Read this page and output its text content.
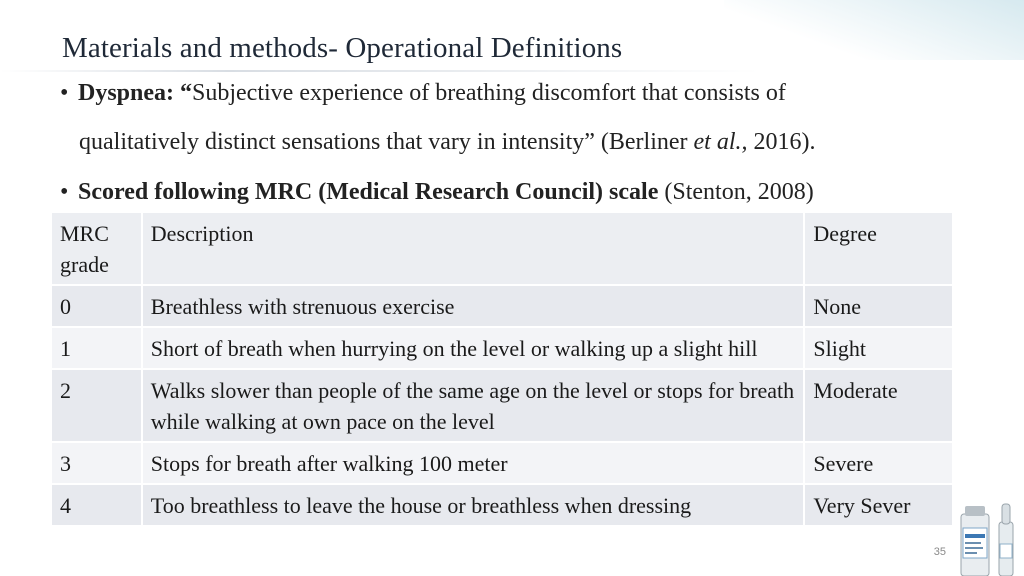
Materials and methods- Operational Definitions
• Dyspnea: “Subjective experience of breathing discomfort that consists of
qualitatively distinct sensations that vary in intensity” (Berliner et al., 2016).
• Scored following MRC (Medical Research Council) scale (Stenton, 2008)
MRC grade	Description	Degree
0	Breathless with strenuous exercise	None
1	Short of breath when hurrying on the level or walking up a slight hill	Slight
2	Walks slower than people of the same age on the level or stops for breath while walking at own pace on the level	Moderate
3	Stops for breath after walking 100 meter	Severe
4	Too breathless to leave the house or breathless when dressing	Very Sever
35
